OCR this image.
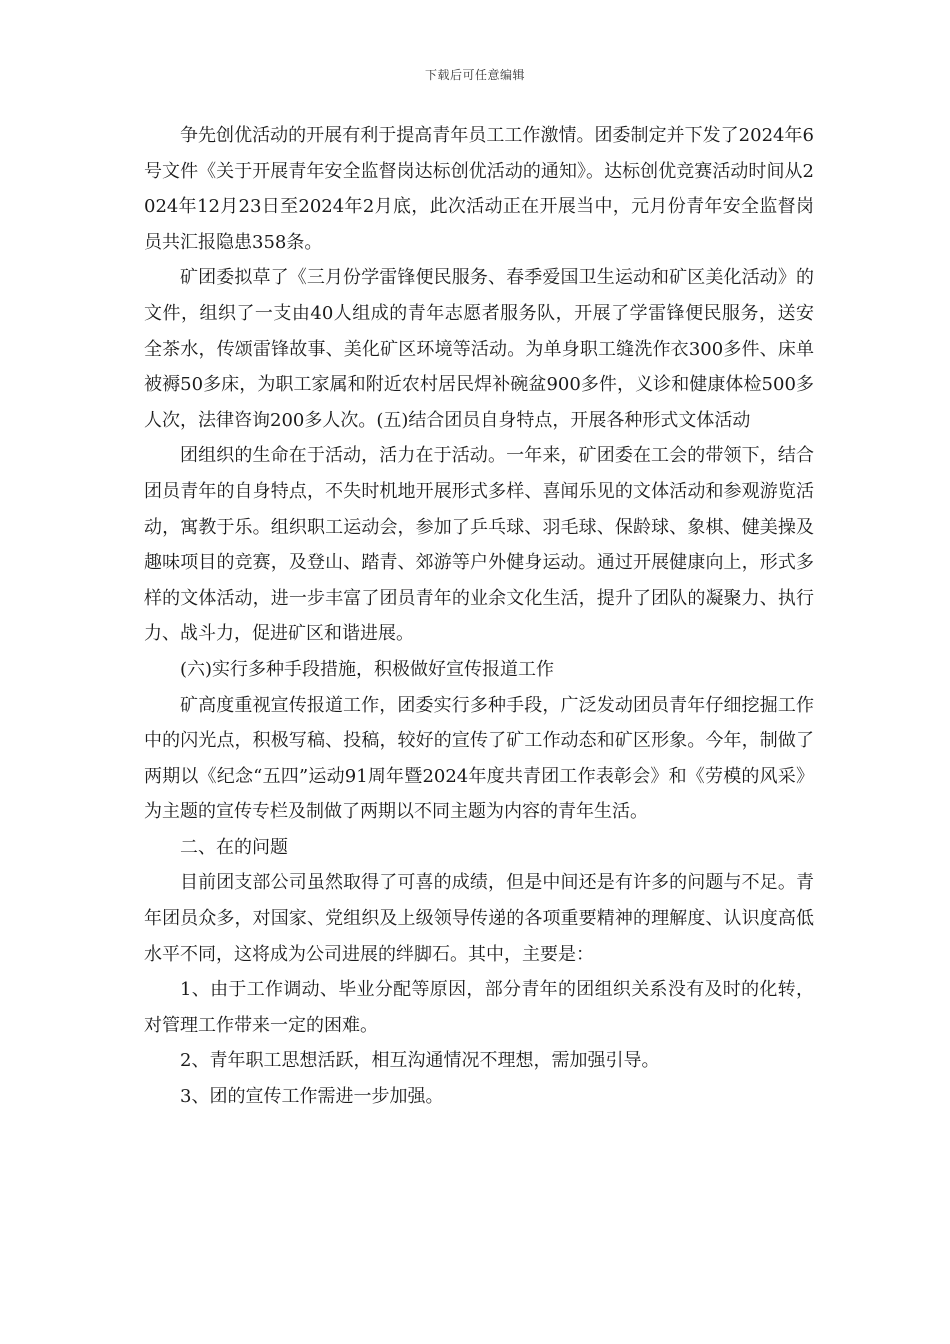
下载后可任意编辑

争先创优活动的开展有利于提高青年员工工作激情。团委制定并下发了2024年6号文件《关于开展青年安全监督岗达标创优活动的通知》。达标创优竞赛活动时间从2024年12月23日至2024年2月底，此次活动正在开展当中，元月份青年安全监督岗员共汇报隐患358条。

矿团委拟草了《三月份学雷锋便民服务、春季爱国卫生运动和矿区美化活动》的文件，组织了一支由40人组成的青年志愿者服务队，开展了学雷锋便民服务，送安全茶水，传颂雷锋故事、美化矿区环境等活动。为单身职工缝洗作衣300多件、床单被褥50多床，为职工家属和附近农村居民焊补碗盆900多件，义诊和健康体检500多人次，法律咨询200多人次。(五)结合团员自身特点，开展各种形式文体活动

团组织的生命在于活动，活力在于活动。一年来，矿团委在工会的带领下，结合团员青年的自身特点，不失时机地开展形式多样、喜闻乐见的文体活动和参观游览活动，寓教于乐。组织职工运动会，参加了乒乓球、羽毛球、保龄球、象棋、健美操及趣味项目的竞赛，及登山、踏青、郊游等户外健身运动。通过开展健康向上，形式多样的文体活动，进一步丰富了团员青年的业余文化生活，提升了团队的凝聚力、执行力、战斗力，促进矿区和谐进展。

(六)实行多种手段措施，积极做好宣传报道工作

矿高度重视宣传报道工作，团委实行多种手段，广泛发动团员青年仔细挖掘工作中的闪光点，积极写稿、投稿，较好的宣传了矿工作动态和矿区形象。今年，制做了两期以《纪念“五四”运动91周年暨2024年度共青团工作表彰会》和《劳模的风采》为主题的宣传专栏及制做了两期以不同主题为内容的青年生活。

二、在的问题

目前团支部公司虽然取得了可喜的成绩，但是中间还是有许多的问题与不足。青年团员众多，对国家、党组织及上级领导传递的各项重要精神的理解度、认识度高低水平不同，这将成为公司进展的绊脚石。其中，主要是：

1、由于工作调动、毕业分配等原因，部分青年的团组织关系没有及时的化转，对管理工作带来一定的困难。

2、青年职工思想活跃，相互沟通情况不理想，需加强引导。

3、团的宣传工作需进一步加强。
